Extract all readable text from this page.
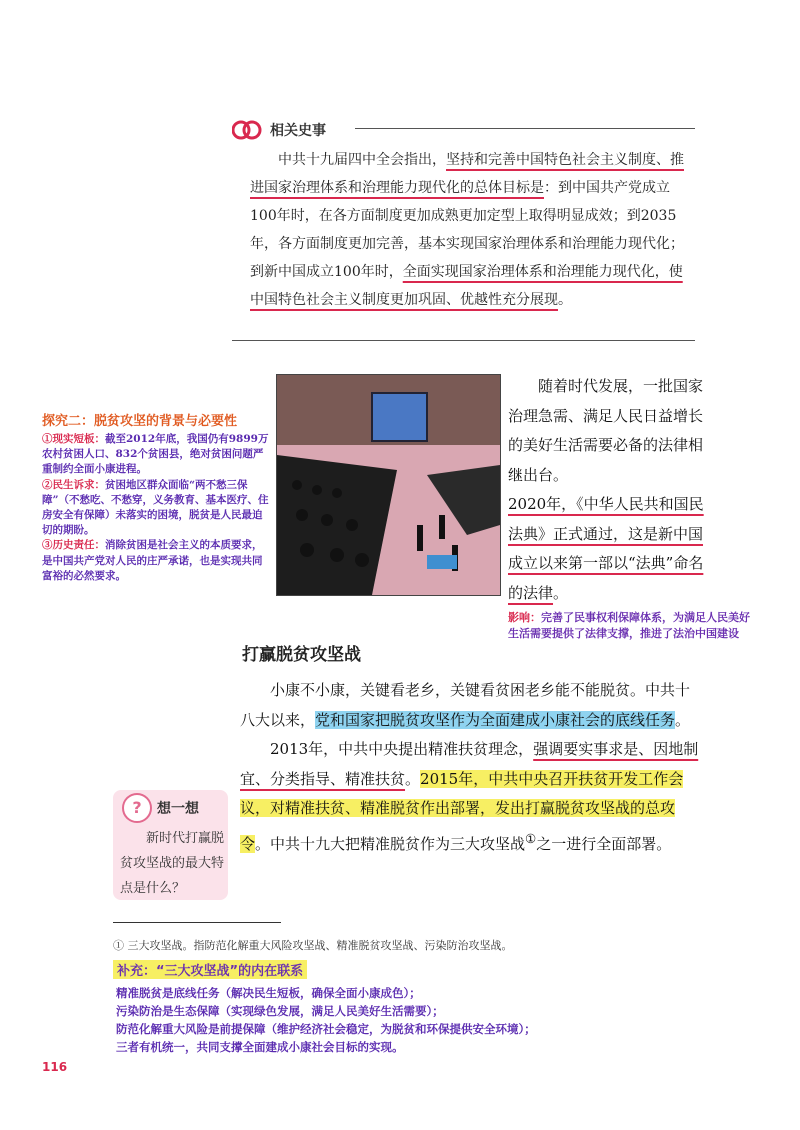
相关史事

中共十九届四中全会指出，坚持和完善中国特色社会主义制度、推进国家治理体系和治理能力现代化的总体目标是：到中国共产党成立100年时，在各方面制度更加成熟更加定型上取得明显成效；到2035年，各方面制度更加完善，基本实现国家治理体系和治理能力现代化；到新中国成立100年时，全面实现国家治理体系和治理能力现代化，使中国特色社会主义制度更加巩固、优越性充分展现。

随着时代发展，一批国家治理急需、满足人民日益增长的美好生活需要必备的法律相继出台。

2020年，《中华人民共和国民法典》正式通过，这是新中国成立以来第一部以“法典”命名的法律。

影响：完善了民事权利保障体系，为满足人民美好生活需要提供了法律支撑，推进了法治中国建设
探究二：脱贫攻坚的背景与必要性

①现实短板：截至2012年底，我国仍有9899万农村贫困人口、832个贫困县，绝对贫困问题严重制约全面小康进程。

②民生诉求：贫困地区群众面临“两不愁三保障”（不愁吃、不愁穿，义务教育、基本医疗、住房安全有保障）未落实的困境，脱贫是人民最迫切的期盼。

③历史责任：消除贫困是社会主义的本质要求，是中国共产党对人民的庄严承诺，也是实现共同富裕的必然要求。

打赢脱贫攻坚战

小康不小康，关键看老乡，关键看贫困老乡能不能脱贫。中共十八大以来，党和国家把脱贫攻坚作为全面建成小康社会的底线任务。

2013年，中共中央提出精准扶贫理念，强调要实事求是、因地制宜、分类指导、精准扶贫。2015年，中共中央召开扶贫开发工作会议，对精准扶贫、精准脱贫作出部署，发出打赢脱贫攻坚战的总攻令。中共十九大把精准脱贫作为三大攻坚战①之一进行全面部署。

?	想一想

新时代打赢脱贫攻坚战的最大特点是什么？

① 三大攻坚战。指防范化解重大风险攻坚战、精准脱贫攻坚战、污染防治攻坚战。
补充：“三大攻坚战”的内在联系

精准脱贫是底线任务（解决民生短板，确保全面小康成色）；

污染防治是生态保障（实现绿色发展，满足人民美好生活需要）；

防范化解重大风险是前提保障（维护经济社会稳定，为脱贫和环保提供安全环境）；

三者有机统一，共同支撑全面建成小康社会目标的实现。

116
